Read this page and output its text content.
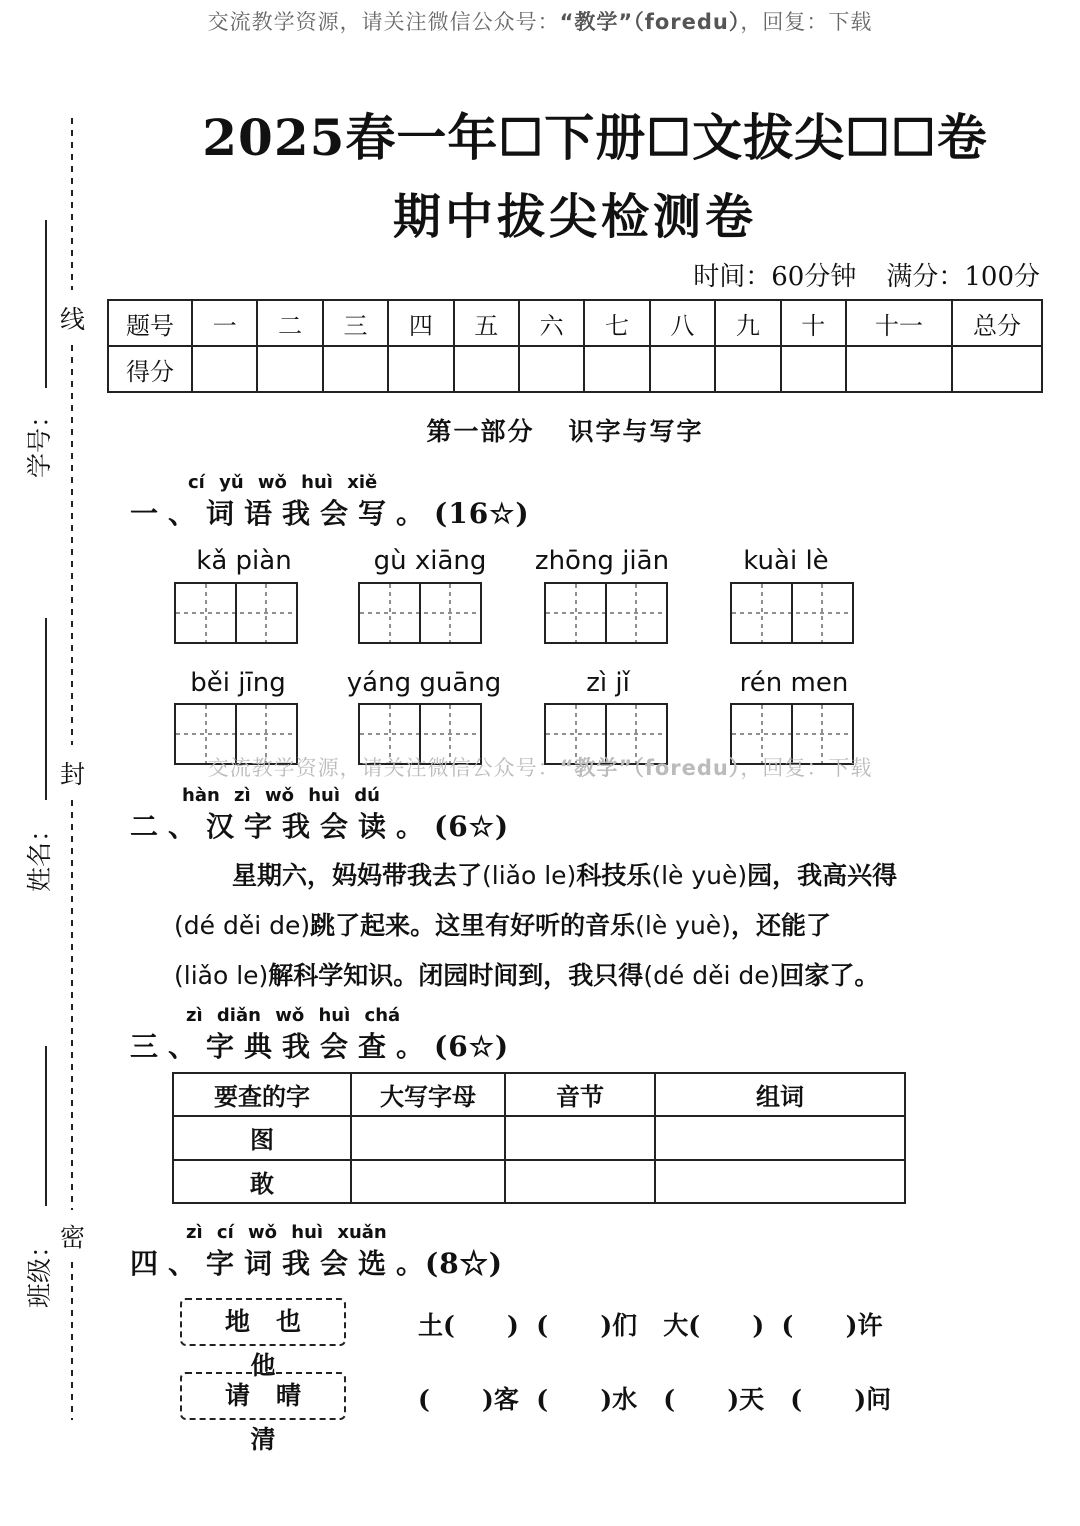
交流教学资源，请关注微信公众号：“教学”（foredu），回复：下载
线
封
密
学号：
姓名：
班级：
2025春一年☐下册☐文拔尖☐☐卷
期中拔尖检测卷
时间：60分钟 满分：100分
题号	一	二	三	四	五	六	七	八	九	十	十一	总分
得分												
第一部分 识字与写字
cí yǔ wǒ huì xiě
一、词语我会写。(16☆)
kǎ piàn	gù xiāng	zhōng jiān	kuài lè
běi jīng	yáng guāng	zì jǐ	rén men
交流教学资源，请关注微信公众号：“教学”（foredu），回复：下载
hàn zì wǒ huì dú
二、汉字我会读。(6☆)
星期六，妈妈带我去了(liǎo le)科技乐(lè yuè)园，我高兴得
(dé děi de)跳了起来。这里有好听的音乐(lè yuè)，还能了
(liǎo le)解科学知识。闭园时间到，我只得(dé děi de)回家了。
zì diǎn wǒ huì chá
三、字典我会查。(6☆)
要查的字	大写字母	音节	组词
图			
敢			
zì cí wǒ huì xuǎn
四、字词我会选。(8☆)
地也他
请晴清
土(      )  (      )们   大(      )  (      )许
(      )客  (      )水   (      )天   (      )问
